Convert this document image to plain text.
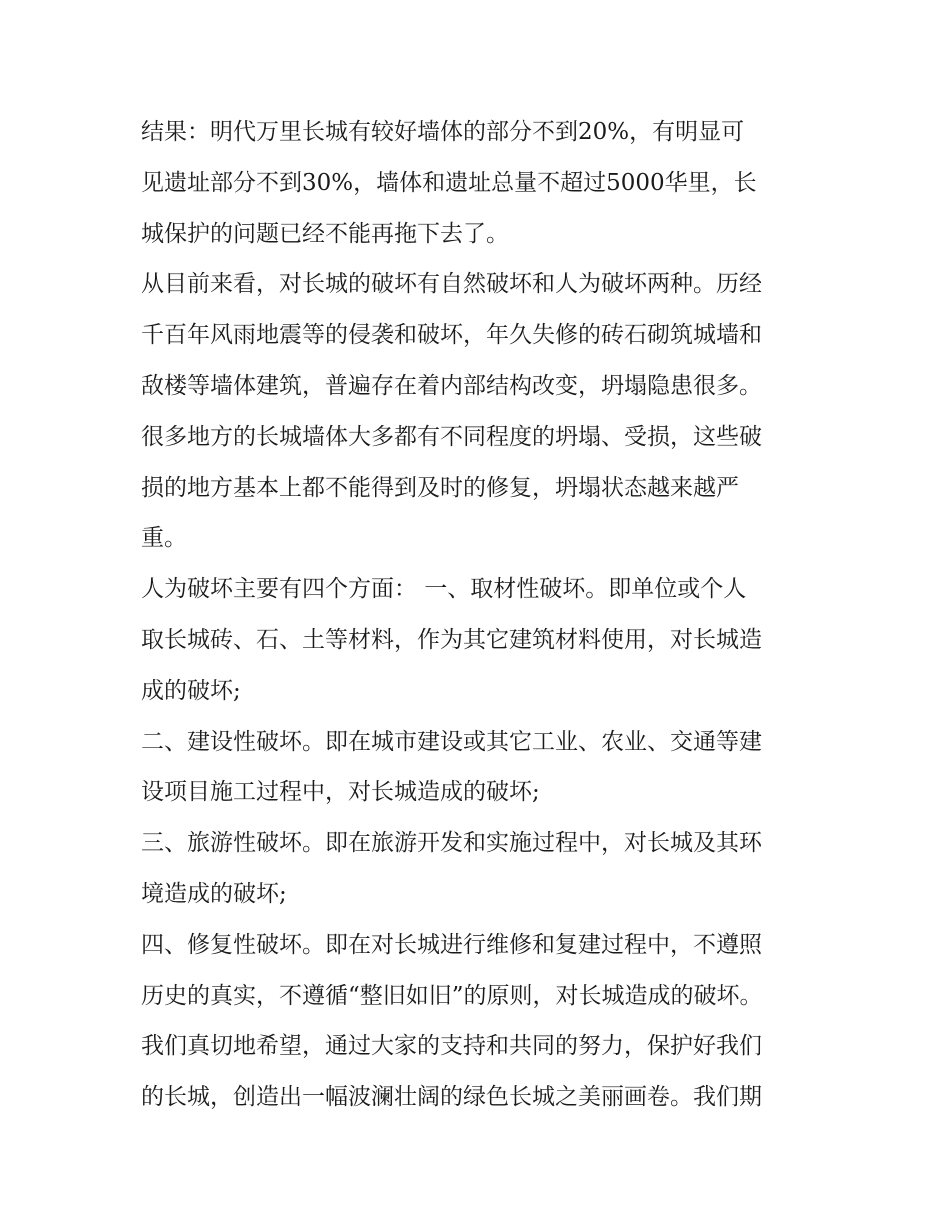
结果：明代万里长城有较好墙体的部分不到20%，有明显可
见遗址部分不到30%，墙体和遗址总量不超过5000华里，长
城保护的问题已经不能再拖下去了。
从目前来看，对长城的破坏有自然破坏和人为破坏两种。历经
千百年风雨地震等的侵袭和破坏，年久失修的砖石砌筑城墙和
敌楼等墙体建筑，普遍存在着内部结构改变，坍塌隐患很多。
很多地方的长城墙体大多都有不同程度的坍塌、受损，这些破
损的地方基本上都不能得到及时的修复，坍塌状态越来越严
重。
人为破坏主要有四个方面： 一、取材性破坏。即单位或个人
取长城砖、石、土等材料，作为其它建筑材料使用，对长城造
成的破坏;
二、建设性破坏。即在城市建设或其它工业、农业、交通等建
设项目施工过程中，对长城造成的破坏;
三、旅游性破坏。即在旅游开发和实施过程中，对长城及其环
境造成的破坏;
四、修复性破坏。即在对长城进行维修和复建过程中，不遵照
历史的真实，不遵循“整旧如旧”的原则，对长城造成的破坏。
我们真切地希望，通过大家的支持和共同的努力，保护好我们
的长城，创造出一幅波澜壮阔的绿色长城之美丽画卷。我们期
